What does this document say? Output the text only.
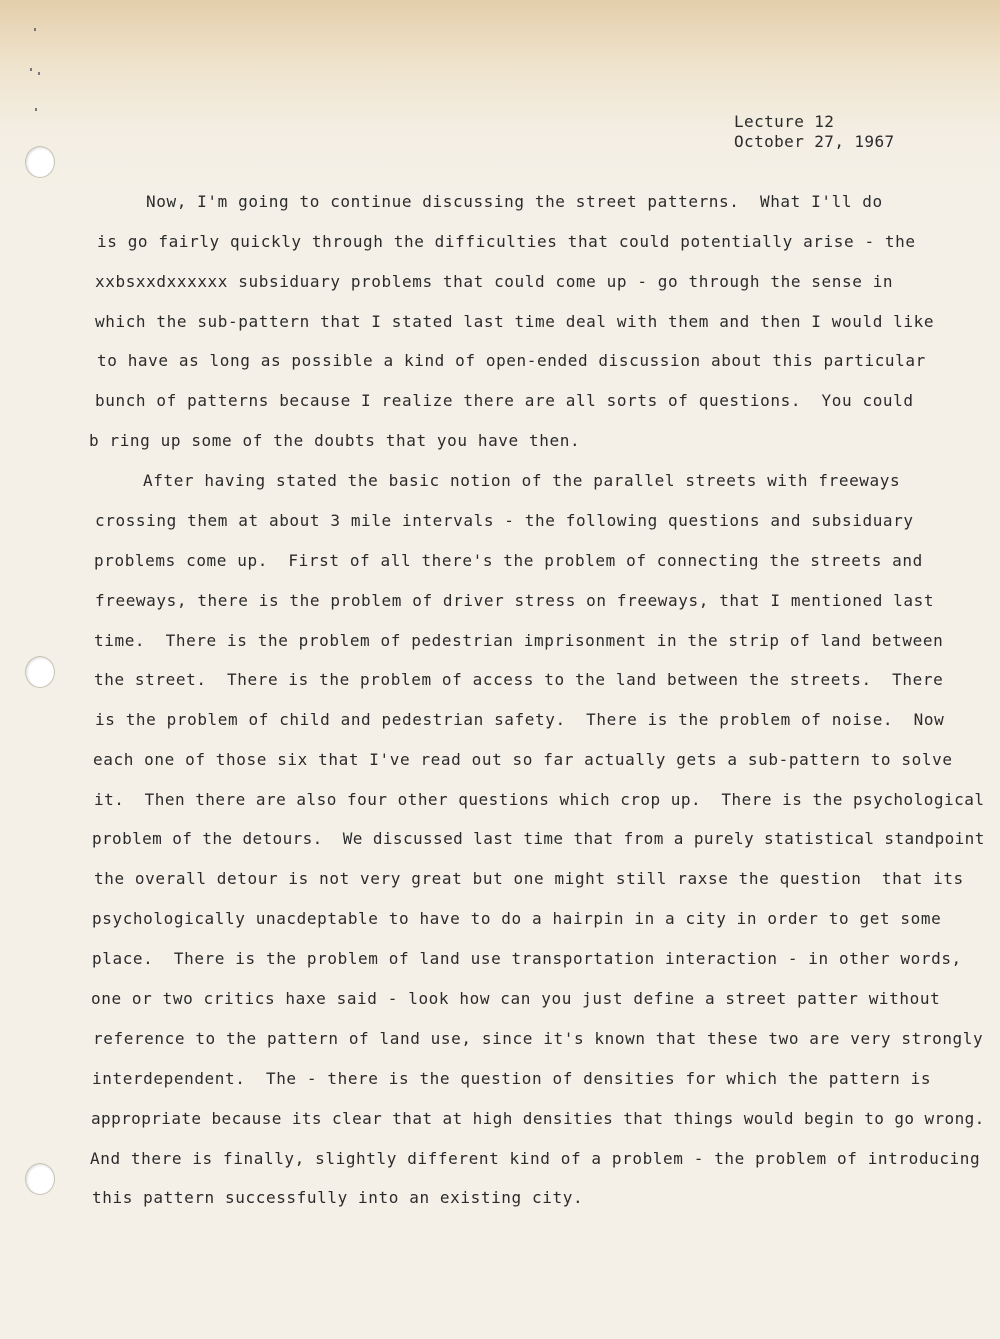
Lecture 12
October 27, 1967
Now, I'm going to continue discussing the street patterns.  What I'll do
is go fairly quickly through the difficulties that could potentially arise - the
xxbsxxdxxxxxx subsiduary problems that could come up - go through the sense in
which the sub-pattern that I stated last time deal with them and then I would like
to have as long as possible a kind of open-ended discussion about this particular
bunch of patterns because I realize there are all sorts of questions.  You could
b ring up some of the doubts that you have then.
After having stated the basic notion of the parallel streets with freeways
crossing them at about 3 mile intervals - the following questions and subsiduary
problems come up.  First of all there's the problem of connecting the streets and
freeways, there is the problem of driver stress on freeways, that I mentioned last
time.  There is the problem of pedestrian imprisonment in the strip of land between
the street.  There is the problem of access to the land between the streets.  There
is the problem of child and pedestrian safety.  There is the problem of noise.  Now
each one of those six that I've read out so far actually gets a sub-pattern to solve
it.  Then there are also four other questions which crop up.  There is the psychological
problem of the detours.  We discussed last time that from a purely statistical standpoint
the overall detour is not very great but one might still raxse the question  that its
psychologically unacdeptable to have to do a hairpin in a city in order to get some
place.  There is the problem of land use transportation interaction - in other words,
one or two critics haxe said - look how can you just define a street patter without
reference to the pattern of land use, since it's known that these two are very strongly
interdependent.  The - there is the question of densities for which the pattern is
appropriate because its clear that at high densities that things would begin to go wrong.
And there is finally, slightly different kind of a problem - the problem of introducing
this pattern successfully into an existing city.
